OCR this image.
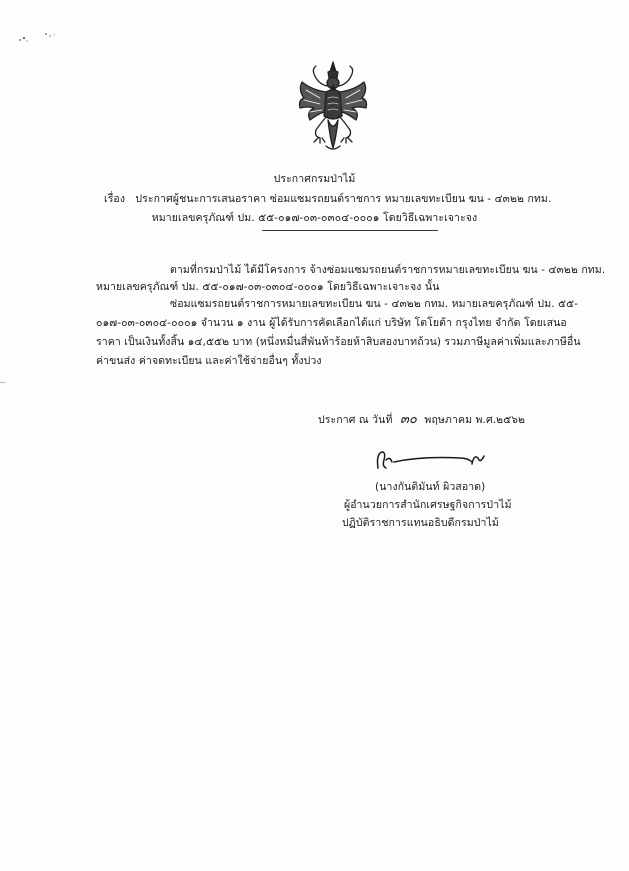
ประกาศกรมป่าไม้
เรื่อง ประกาศผู้ชนะการเสนอราคา ซ่อมแซมรถยนต์ราชการ หมายเลขทะเบียน ฆน - ๔๓๒๒ กทม.
หมายเลขครุภัณฑ์ ปม. ๕๕-๐๑๗-๐๓-๐๓๐๔-๐๐๐๑ โดยวิธีเฉพาะเจาะจง
ตามที่กรมป่าไม้ ได้มีโครงการ จ้างซ่อมแซมรถยนต์ราชการหมายเลขทะเบียน ฆน - ๔๓๒๒ กทม.
หมายเลขครุภัณฑ์ ปม. ๕๕-๐๑๗-๐๓-๐๓๐๔-๐๐๐๑ โดยวิธีเฉพาะเจาะจง นั้น
ซ่อมแซมรถยนต์ราชการหมายเลขทะเบียน ฆน - ๔๓๒๒ กทม. หมายเลขครุภัณฑ์ ปม. ๕๕-
๐๑๗-๐๓-๐๓๐๔-๐๐๐๑ จำนวน ๑ งาน ผู้ได้รับการคัดเลือกได้แก่ บริษัท โตโยต้า กรุงไทย จำกัด โดยเสนอ
ราคา เป็นเงินทั้งสิ้น ๑๔,๕๕๒ บาท (หนึ่งหมื่นสี่พันห้าร้อยห้าสิบสองบาทถ้วน) รวมภาษีมูลค่าเพิ่มและภาษีอื่น
ค่าขนส่ง ค่าจดทะเบียน และค่าใช้จ่ายอื่นๆ ทั้งปวง
ประกาศ ณ วันที่ ๓๐ พฤษภาคม พ.ศ.๒๕๖๒
(นางกันติมันท์ ผิวสอาด)
ผู้อำนวยการสำนักเศรษฐกิจการป่าไม้
ปฏิบัติราชการแทนอธิบดีกรมป่าไม้
